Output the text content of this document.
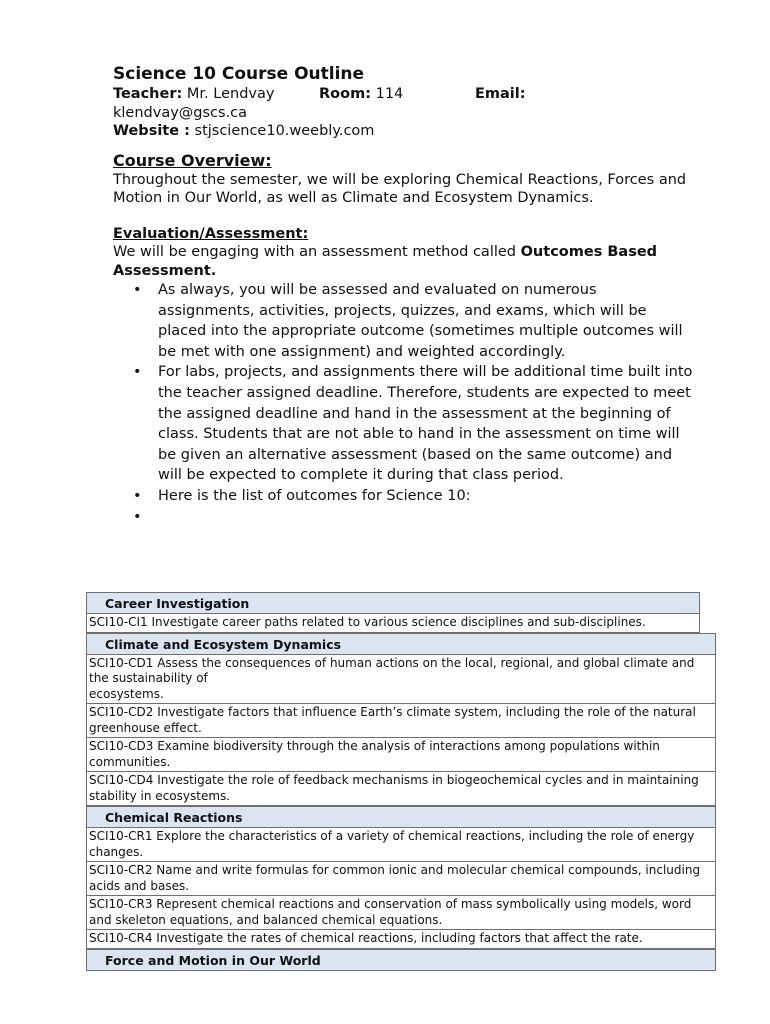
Science 10 Course Outline
Teacher: Mr. Lendvay	Room: 114	Email:
klendvay@gscs.ca
Website : stjscience10.weebly.com
Course Overview:
Throughout the semester, we will be exploring Chemical Reactions, Forces and Motion in Our World, as well as Climate and Ecosystem Dynamics.
Evaluation/Assessment:
We will be engaging with an assessment method called Outcomes Based Assessment.
• As always, you will be assessed and evaluated on numerous assignments, activities, projects, quizzes, and exams, which will be placed into the appropriate outcome (sometimes multiple outcomes will be met with one assignment) and weighted accordingly.
• For labs, projects, and assignments there will be additional time built into the teacher assigned deadline. Therefore, students are expected to meet the assigned deadline and hand in the assessment at the beginning of class. Students that are not able to hand in the assessment on time will be given an alternative assessment (based on the same outcome) and will be expected to complete it during that class period.
• Here is the list of outcomes for Science 10:
•
Career Investigation
SCI10-CI1 Investigate career paths related to various science disciplines and sub-disciplines.
Climate and Ecosystem Dynamics
SCI10-CD1 Assess the consequences of human actions on the local, regional, and global climate and the sustainability of
ecosystems.
SCI10-CD2 Investigate factors that influence Earth’s climate system, including the role of the natural greenhouse effect.
SCI10-CD3 Examine biodiversity through the analysis of interactions among populations within communities.
SCI10-CD4 Investigate the role of feedback mechanisms in biogeochemical cycles and in maintaining stability in ecosystems.
Chemical Reactions
SCI10-CR1 Explore the characteristics of a variety of chemical reactions, including the role of energy changes.
SCI10-CR2 Name and write formulas for common ionic and molecular chemical compounds, including acids and bases.
SCI10-CR3 Represent chemical reactions and conservation of mass symbolically using models, word and skeleton equations, and balanced chemical equations.
SCI10-CR4 Investigate the rates of chemical reactions, including factors that affect the rate.
Force and Motion in Our World
